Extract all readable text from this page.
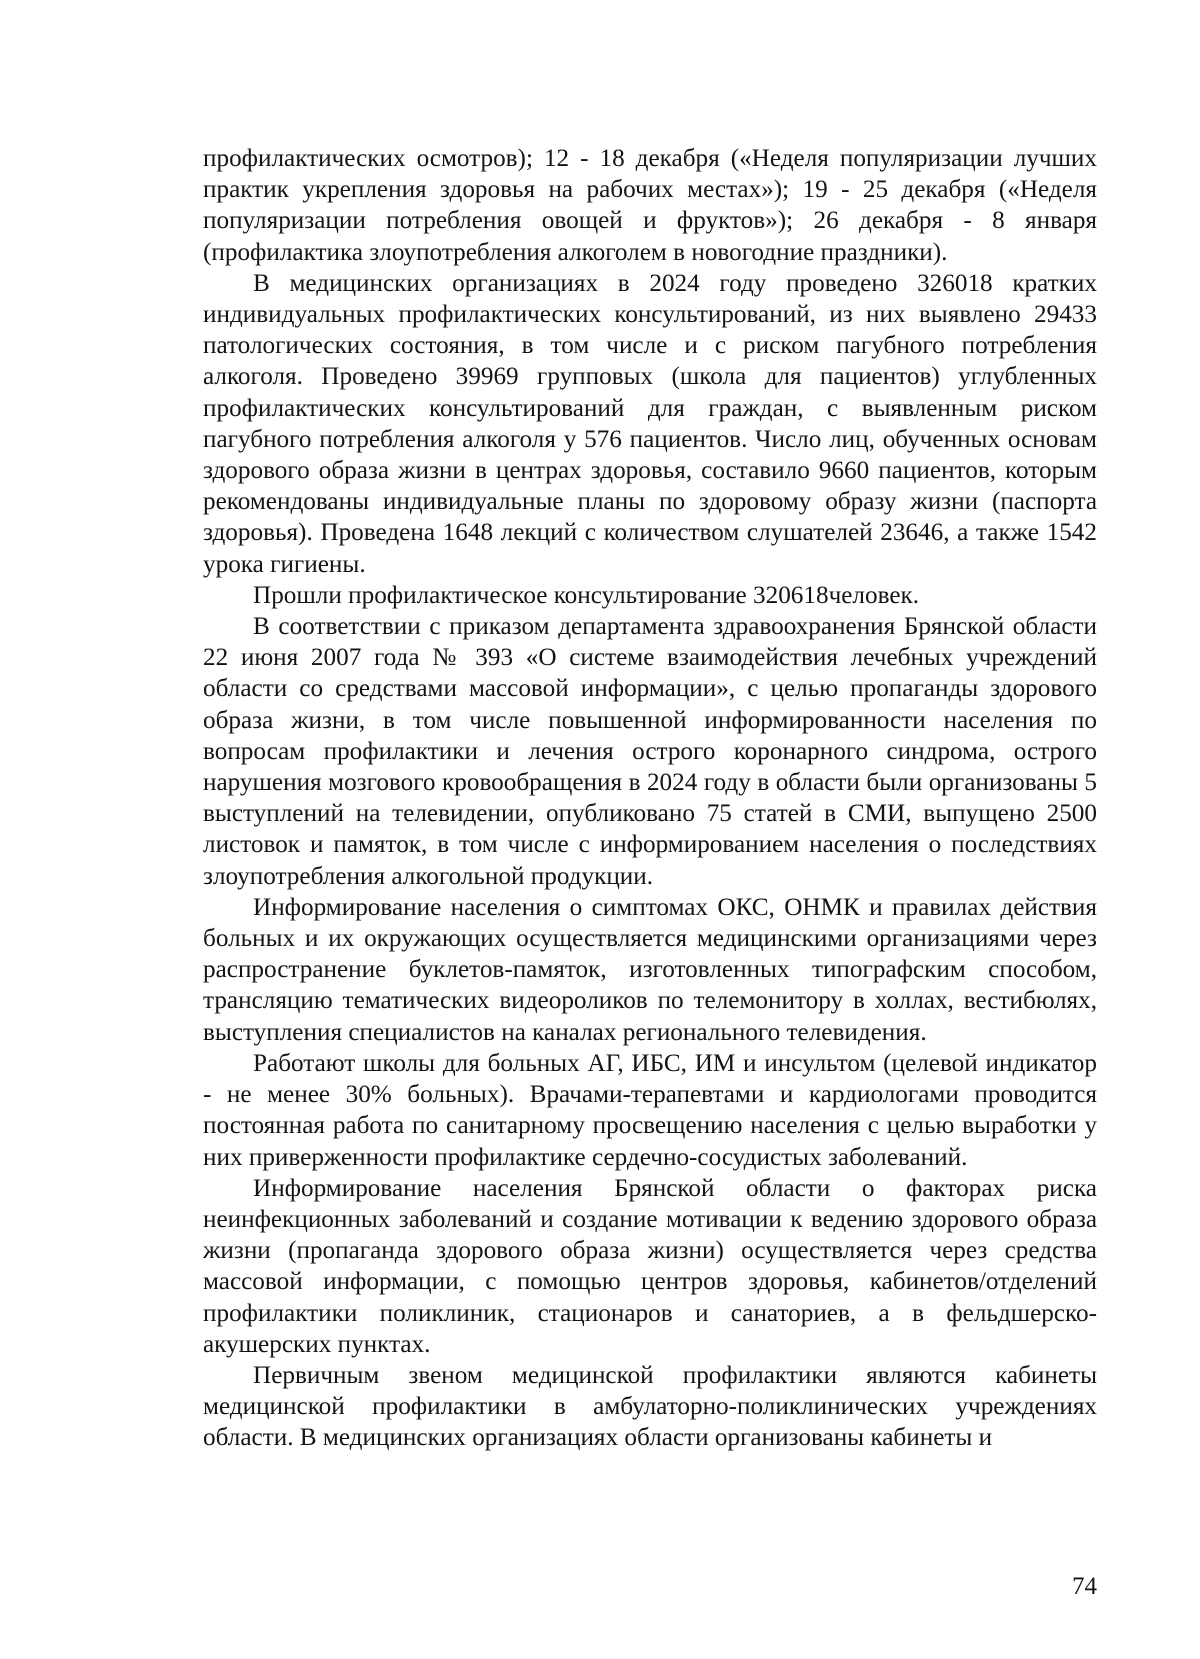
профилактических осмотров); 12 - 18 декабря («Неделя популяризации лучших практик укрепления здоровья на рабочих местах»); 19 - 25 декабря («Неделя популяризации потребления овощей и фруктов»); 26 декабря - 8 января (профилактика злоупотребления алкоголем в новогодние праздники).

В медицинских организациях в 2024 году проведено 326018 кратких индивидуальных профилактических консультирований, из них выявлено 29433 патологических состояния, в том числе и с риском пагубного потребления алкоголя. Проведено 39969 групповых (школа для пациентов) углубленных профилактических консультирований для граждан, с выявленным риском пагубного потребления алкоголя у 576 пациентов. Число лиц, обученных основам здорового образа жизни в центрах здоровья, составило 9660 пациентов, которым рекомендованы индивидуальные планы по здоровому образу жизни (паспорта здоровья). Проведена 1648 лекций с количеством слушателей 23646, а также 1542 урока гигиены.

Прошли профилактическое консультирование 320618человек.

В соответствии с приказом департамента здравоохранения Брянской области 22 июня 2007 года № 393 «О системе взаимодействия лечебных учреждений области со средствами массовой информации», с целью пропаганды здорового образа жизни, в том числе повышенной информированности населения по вопросам профилактики и лечения острого коронарного синдрома, острого нарушения мозгового кровообращения в 2024 году в области были организованы 5 выступлений на телевидении, опубликовано 75 статей в СМИ, выпущено 2500 листовок и памяток, в том числе с информированием населения о последствиях злоупотребления алкогольной продукции.

Информирование населения о симптомах ОКС, ОНМК и правилах действия больных и их окружающих осуществляется медицинскими организациями через распространение буклетов-памяток, изготовленных типографским способом, трансляцию тематических видеороликов по телемонитору в холлах, вестибюлях, выступления специалистов на каналах регионального телевидения.

Работают школы для больных АГ, ИБС, ИМ и инсультом (целевой индикатор - не менее 30% больных). Врачами-терапевтами и кардиологами проводится постоянная работа по санитарному просвещению населения с целью выработки у них приверженности профилактике сердечно-сосудистых заболеваний.

Информирование населения Брянской области о факторах риска неинфекционных заболеваний и создание мотивации к ведению здорового образа жизни (пропаганда здорового образа жизни) осуществляется через средства массовой информации, с помощью центров здоровья, кабинетов/отделений профилактики поликлиник, стационаров и санаториев, а в фельдшерско-акушерских пунктах.

Первичным звеном медицинской профилактики являются кабинеты медицинской профилактики в амбулаторно-поликлинических учреждениях области. В медицинских организациях области организованы кабинеты и

74
